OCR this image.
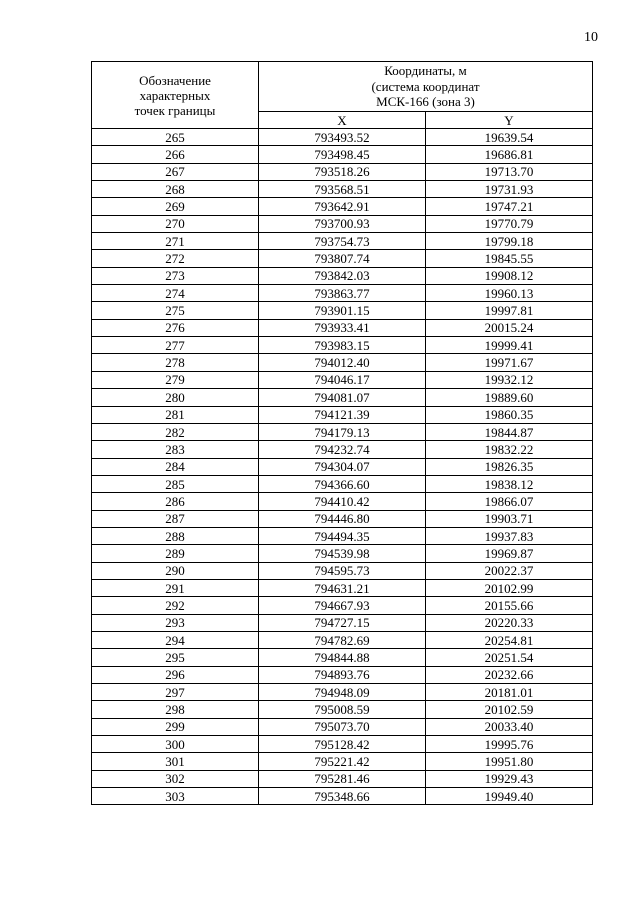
10
Обозначение
характерных
точек границы	Координаты, м
(система координат
МСК-166 (зона 3)	

	X	Y
265	793493.52	19639.54
266	793498.45	19686.81
267	793518.26	19713.70
268	793568.51	19731.93
269	793642.91	19747.21
270	793700.93	19770.79
271	793754.73	19799.18
272	793807.74	19845.55
273	793842.03	19908.12
274	793863.77	19960.13
275	793901.15	19997.81
276	793933.41	20015.24
277	793983.15	19999.41
278	794012.40	19971.67
279	794046.17	19932.12
280	794081.07	19889.60
281	794121.39	19860.35
282	794179.13	19844.87
283	794232.74	19832.22
284	794304.07	19826.35
285	794366.60	19838.12
286	794410.42	19866.07
287	794446.80	19903.71
288	794494.35	19937.83
289	794539.98	19969.87
290	794595.73	20022.37
291	794631.21	20102.99
292	794667.93	20155.66
293	794727.15	20220.33
294	794782.69	20254.81
295	794844.88	20251.54
296	794893.76	20232.66
297	794948.09	20181.01
298	795008.59	20102.59
299	795073.70	20033.40
300	795128.42	19995.76
301	795221.42	19951.80
302	795281.46	19929.43
303	795348.66	19949.40
